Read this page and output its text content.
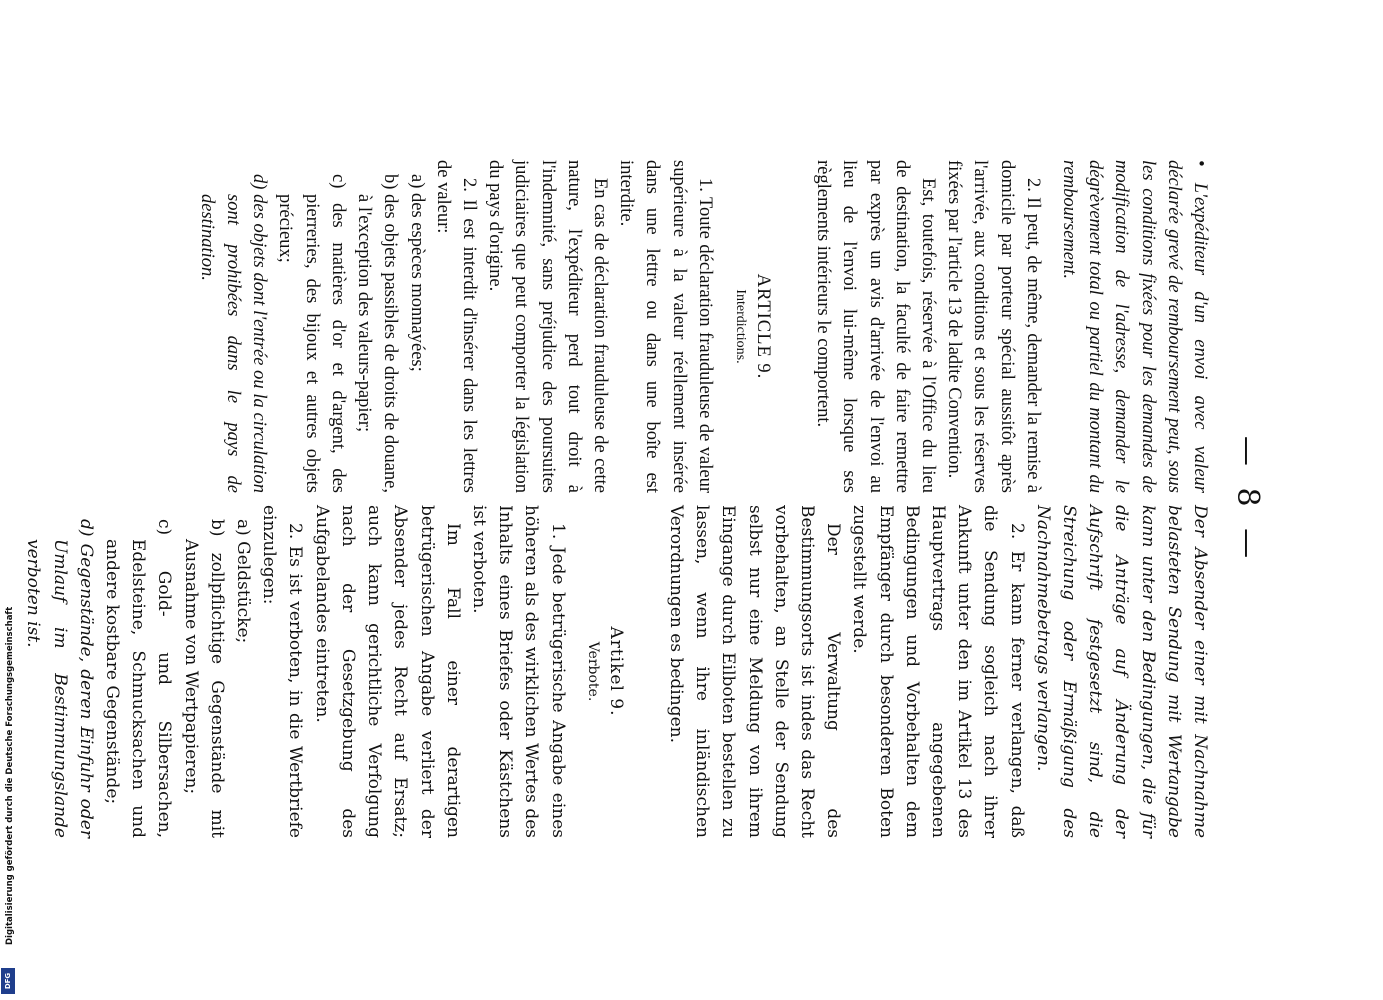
— 8 —

• L'expéditeur d'un envoi avec valeur déclarée grevé de remboursement peut, sous les conditions fixées pour les demandes de modification de l'adresse, demander le dégrèvement total ou partiel du montant du remboursement.

2. Il peut, de même, demander la remise à domicile par porteur spécial aussitôt après l'arrivée, aux conditions et sous les réserves fixées par l'article 13 de ladite Convention.

Est, toutefois, réservée à l'Office du lieu de destination, la faculté de faire remettre par exprès un avis d'arrivée de l'envoi au lieu de l'envoi lui-même lorsque ses règlements intérieurs le comportent.

ARTICLE 9.

Interdictions.

1. Toute déclaration frauduleuse de valeur supérieure à la valeur réellement insérée dans une lettre ou dans une boîte est interdite.

En cas de déclaration frauduleuse de cette nature, l'expéditeur perd tout droit à l'indemnité, sans préjudice des poursuites judiciaires que peut comporter la législation du pays d'origine.

2. Il est interdit d'insérer dans les lettres de valeur:

a) des espèces monnayées;

b) des objets passibles de droits de douane, à l'exception des valeurs-papier;

c) des matières d'or et d'argent, des pierreries, des bijoux et autres objets précieux;

d) des objets dont l'entrée ou la circulation sont prohibées dans le pays de destination.

Der Absender einer mit Nachnahme belasteten Sendung mit Wertangabe kann unter den Bedingungen, die für die Anträge auf Änderung der Aufschrift festgesetzt sind, die Streichung oder Ermäßigung des Nachnahmebetrags verlangen.

2. Er kann ferner verlangen, daß die Sendung sogleich nach ihrer Ankunft unter den im Artikel 13 des Hauptvertrags angegebenen Bedingungen und Vorbehalten dem Empfänger durch besonderen Boten zugestellt werde.

Der Verwaltung des Bestimmungsorts ist indes das Recht vorbehalten, an Stelle der Sendung selbst nur eine Meldung von ihrem Eingange durch Eilboten bestellen zu lassen, wenn ihre inländischen Verordnungen es bedingen.

Artikel 9.

Verbote.

1. Jede betrügerische Angabe eines höheren als des wirklichen Wertes des Inhalts eines Briefes oder Kästchens ist verboten.

Im Fall einer derartigen betrügerischen Angabe verliert der Absender jedes Recht auf Ersatz; auch kann gerichtliche Verfolgung nach der Gesetzgebung des Aufgabelandes eintreten.

2. Es ist verboten, in die Wertbriefe einzulegen:

a) Geldstücke;

b) zollpflichtige Gegenstände mit Ausnahme von Wertpapieren;

c) Gold- und Silbersachen, Edelsteine, Schmucksachen und andere kostbare Gegenstände;

d) Gegenstände, deren Einfuhr oder Umlauf im Bestimmungslande verboten ist.

Digitalisierung gefördert durch die Deutsche Forschungsgemeinschaft
DFG
